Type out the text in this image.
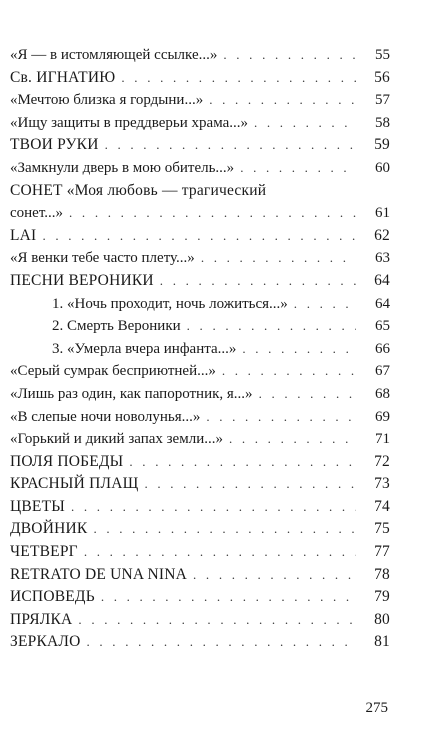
«Я — в истомляющей ссылке...» . . .	55
Св. ИГНАТИЮ . . .	56
«Мечтою близка я гордыни...» . . .	57
«Ищу защиты в преддверьи храма...» . . .	58
ТВОИ РУКИ . . .	59
«Замкнули дверь в мою обитель...» . . .	60
СОНЕТ «Моя любовь — трагический
сонет...» . . .	61
LAI . . .	62
«Я венки тебе часто плету...» . . .	63
ПЕСНИ ВЕРОНИКИ . . .	64
1. «Ночь проходит, ночь ложиться...» . . .	64
2. Смерть Вероники . . .	65
3. «Умерла вчера инфанта...» . . .	66
«Серый сумрак бесприютней...» . . .	67
«Лишь раз один, как папоротник, я...» . . .	68
«В слепые ночи новолунья...» . . .	69
«Горький и дикий запах земли...» . . .	71
ПОЛЯ ПОБЕДЫ . . .	72
КРАСНЫЙ ПЛАЩ . . .	73
ЦВЕТЫ . . .	74
ДВОЙНИК . . .	75
ЧЕТВЕРГ . . .	77
RETRATO DE UNA NINA . . .	78
ИСПОВЕДЬ . . .	79
ПРЯЛКА . . .	80
ЗЕРКАЛО . . .	81
275
